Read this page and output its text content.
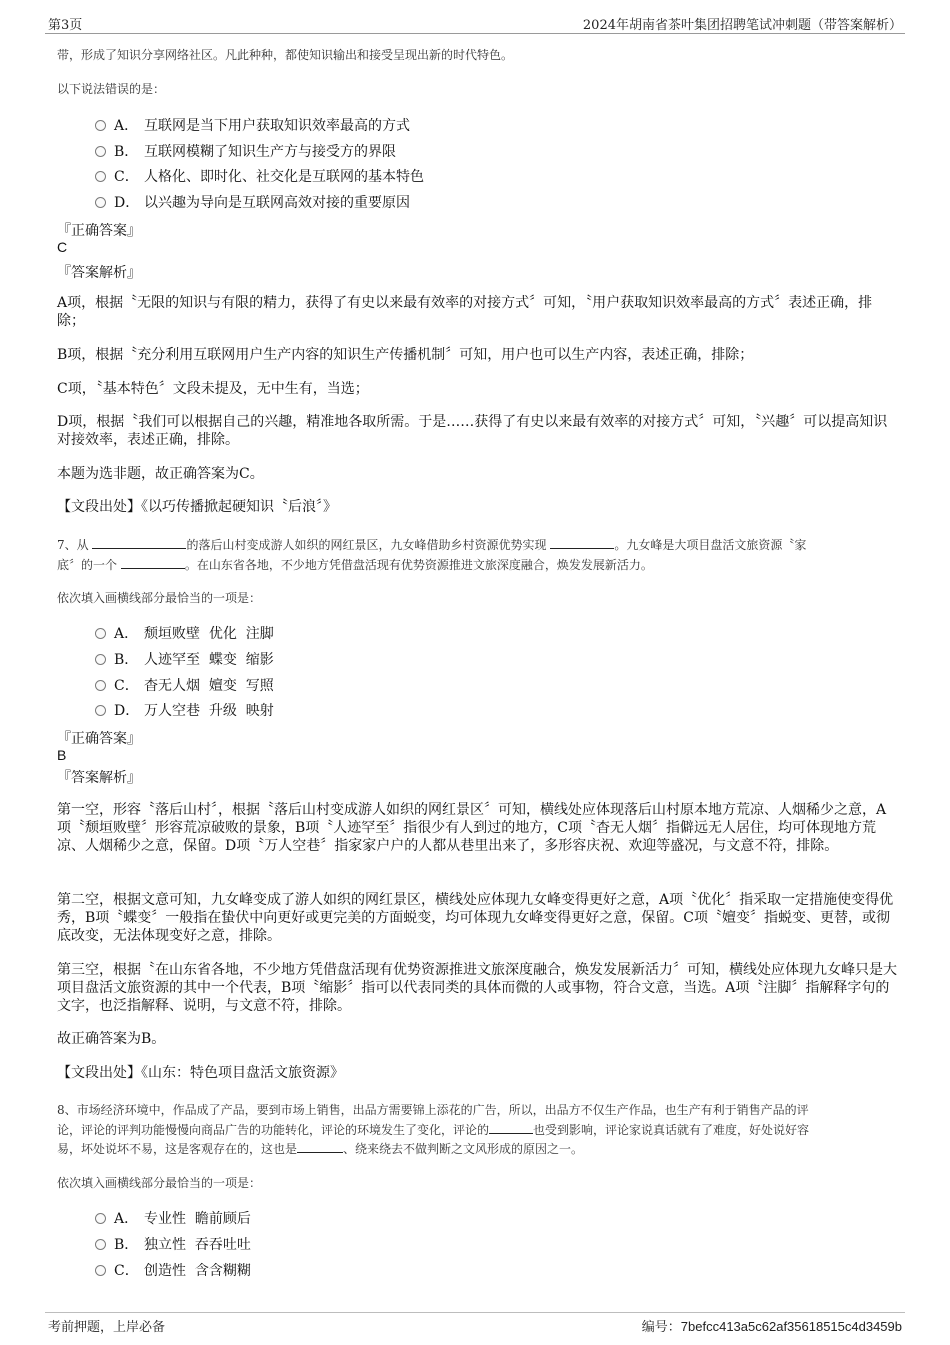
第3页	2024年胡南省茶叶集团招聘笔试冲刺题（带答案解析）
带，形成了知识分享网络社区。凡此种种，都使知识输出和接受呈现出新的时代特色。
以下说法错误的是：
A． 互联网是当下用户获取知识效率最高的方式
B． 互联网模糊了知识生产方与接受方的界限
C． 人格化、即时化、社交化是互联网的基本特色
D． 以兴趣为导向是互联网高效对接的重要原因
『正确答案』
C
『答案解析』
A项，根据〝无限的知识与有限的精力，获得了有史以来最有效率的对接方式〞可知，〝用户获取知识效率最高的方式〞表述正确，排除；
B项，根据〝充分利用互联网用户生产内容的知识生产传播机制〞可知，用户也可以生产内容，表述正确，排除；
C项，〝基本特色〞文段未提及，无中生有，当选；
D项，根据〝我们可以根据自己的兴趣，精准地各取所需。于是……获得了有史以来最有效率的对接方式〞可知，〝兴趣〞可以提高知识对接效率，表述正确，排除。
本题为选非题，故正确答案为C。
【文段出处】《以巧传播掀起硬知识〝后浪〞》
7、从	的落后山村变成游人如织的网红景区，九女峰借助乡村资源优势实现	。九女峰是大项目盘活文旅资源〝家
底〞的一个	。在山东省各地，不少地方凭借盘活现有优势资源推进文旅深度融合，焕发发展新活力。
依次填入画横线部分最恰当的一项是：
A． 颓垣败壁  优化  注脚
B． 人迹罕至  蝶变  缩影
C． 杳无人烟  嬗变  写照
D． 万人空巷  升级  映射
『正确答案』
B
『答案解析』
第一空，形容〝落后山村〞，根据〝落后山村变成游人如织的网红景区〞可知，横线处应体现落后山村原本地方荒凉、人烟稀少之意，A项〝颓垣败壁〞形容荒凉破败的景象，B项〝人迹罕至〞指很少有人到过的地方，C项〝杳无人烟〞指僻远无人居住，均可体现地方荒凉、人烟稀少之意，保留。D项〝万人空巷〞指家家户户的人都从巷里出来了，多形容庆祝、欢迎等盛况，与文意不符，排除。
第二空，根据文意可知，九女峰变成了游人如织的网红景区，横线处应体现九女峰变得更好之意，A项〝优化〞指采取一定措施使变得优秀，B项〝蝶变〞一般指在蛰伏中向更好或更完美的方面蜕变，均可体现九女峰变得更好之意，保留。C项〝嬗变〞指蜕变、更替，或彻底改变，无法体现变好之意，排除。
第三空，根据〝在山东省各地，不少地方凭借盘活现有优势资源推进文旅深度融合，焕发发展新活力〞可知，横线处应体现九女峰只是大项目盘活文旅资源的其中一个代表，B项〝缩影〞指可以代表同类的具体而微的人或事物，符合文意，当选。A项〝注脚〞指解释字句的文字，也泛指解释、说明，与文意不符，排除。
故正确答案为B。
【文段出处】《山东：特色项目盘活文旅资源》
8、市场经济环境中，作品成了产品，要到市场上销售，出品方需要锦上添花的广告，所以，出品方不仅生产作品，也生产有利于销售产品的评
论，评论的评判功能慢慢向商品广告的功能转化，评论的环境发生了变化，评论的	也受到影响，评论家说真话就有了难度，好处说好容
易，坏处说坏不易，这是客观存在的，这也是	、绕来绕去不做判断之文风形成的原因之一。
依次填入画横线部分最恰当的一项是：
A． 专业性  瞻前顾后
B． 独立性  吞吞吐吐
C． 创造性  含含糊糊
考前押题，上岸必备	编号：7befcc413a5c62af35618515c4d3459b
